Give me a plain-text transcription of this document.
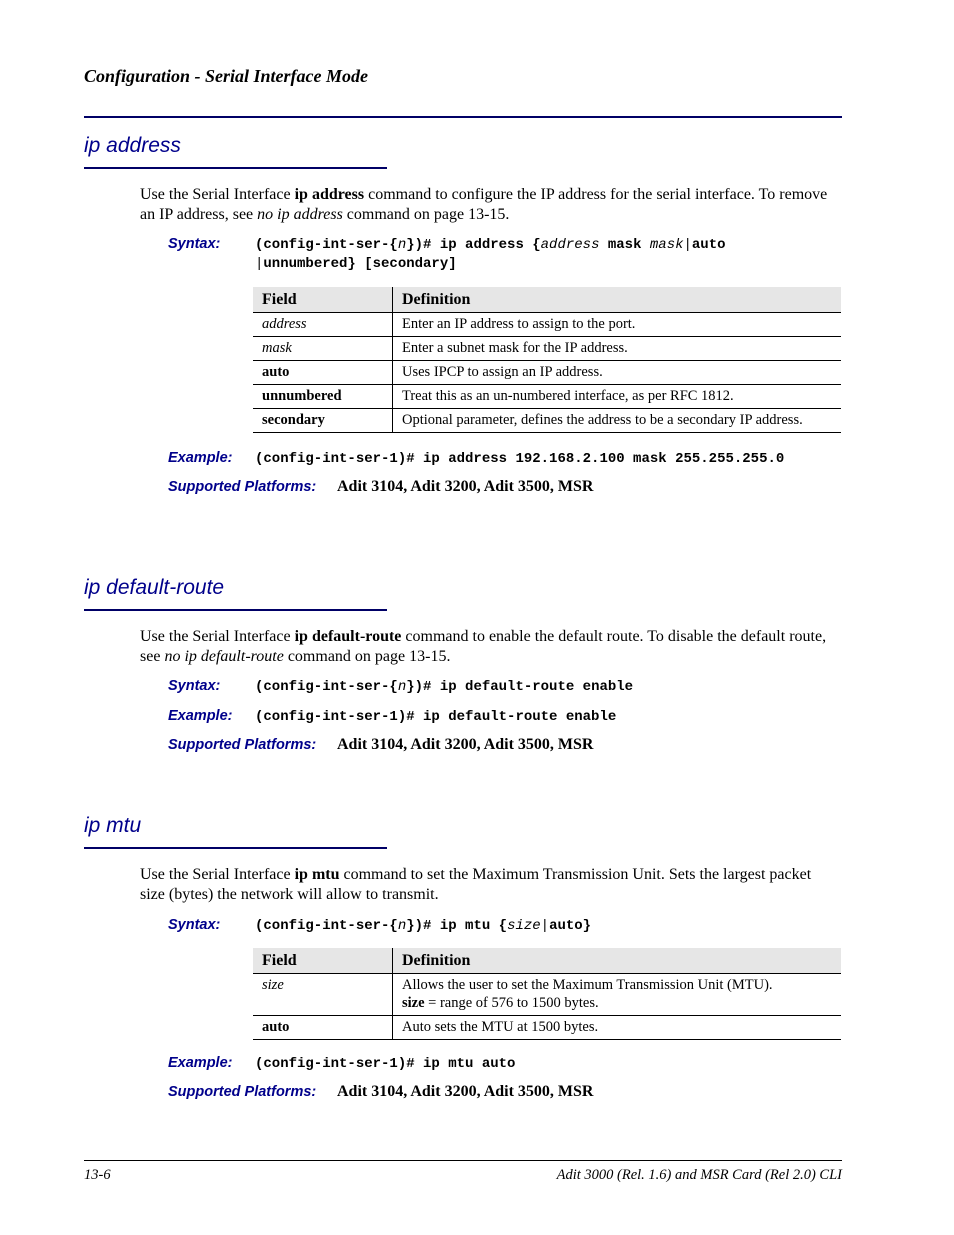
Configuration - Serial Interface Mode
ip address
Use the Serial Interface ip address command to configure the IP address for the serial interface. To remove an IP address, see no ip address command on page 13-15.
Syntax: (config-int-ser-{n})# ip address {address mask mask|auto
|unnumbered} [secondary]
Field	Definition
address	Enter an IP address to assign to the port.
mask	Enter a subnet mask for the IP address.
auto	Uses IPCP to assign an IP address.
unnumbered	Treat this as an un-numbered interface, as per RFC 1812.
secondary	Optional parameter, defines the address to be a secondary IP address.
Example: (config-int-ser-1)# ip address 192.168.2.100 mask 255.255.255.0
Supported Platforms: Adit 3104, Adit 3200, Adit 3500, MSR
ip default-route
Use the Serial Interface ip default-route command to enable the default route. To disable the default route, see no ip default-route command on page 13-15.
Syntax: (config-int-ser-{n})# ip default-route enable
Example: (config-int-ser-1)# ip default-route enable
Supported Platforms: Adit 3104, Adit 3200, Adit 3500, MSR
ip mtu
Use the Serial Interface ip mtu command to set the Maximum Transmission Unit. Sets the largest packet size (bytes) the network will allow to transmit.
Syntax: (config-int-ser-{n})# ip mtu {size|auto}
Field	Definition
size	Allows the user to set the Maximum Transmission Unit (MTU).
size = range of 576 to 1500 bytes.

auto	Auto sets the MTU at 1500 bytes.
Example: (config-int-ser-1)# ip mtu auto
Supported Platforms: Adit 3104, Adit 3200, Adit 3500, MSR
13-6	Adit 3000 (Rel. 1.6) and MSR Card (Rel 2.0) CLI
